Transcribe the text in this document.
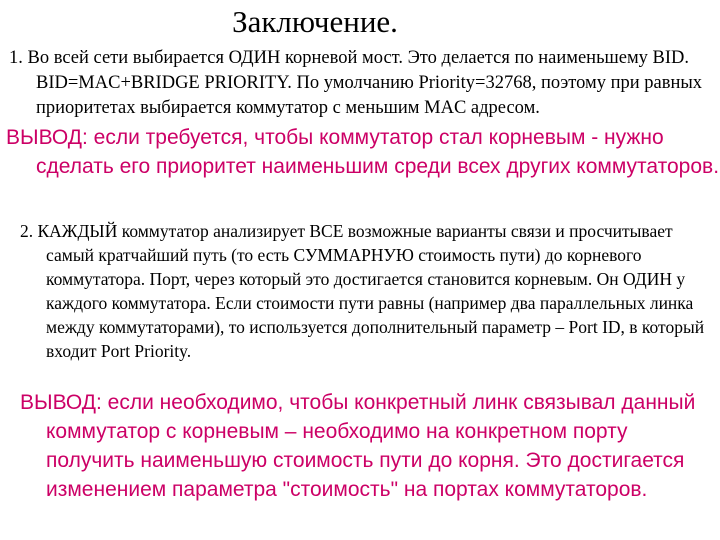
Заключение.

1. Во всей сети выбирается ОДИН корневой мост. Это делается по наименьшему BID. BID=MAC+BRIDGE PRIORITY. По умолчанию Priority=32768, поэтому при равных приоритетах выбирается коммутатор с меньшим MAC адресом.

ВЫВОД: если требуется, чтобы коммутатор стал корневым - нужно сделать его приоритет наименьшим среди всех других коммутаторов.

2. КАЖДЫЙ коммутатор анализирует ВСЕ возможные варианты связи и просчитывает самый кратчайший путь (то есть СУММАРНУЮ стоимость пути) до корневого коммутатора. Порт, через который это достигается становится корневым. Он ОДИН у каждого коммутатора. Если стоимости пути равны (например два параллельных линка между коммутаторами), то используется дополнительный параметр – Port ID, в который входит Port Priority.

ВЫВОД: если необходимо, чтобы конкретный линк связывал данный коммутатор с корневым – необходимо на конкретном порту получить наименьшую стоимость пути до корня. Это достигается изменением параметра "стоимость" на портах коммутаторов.
